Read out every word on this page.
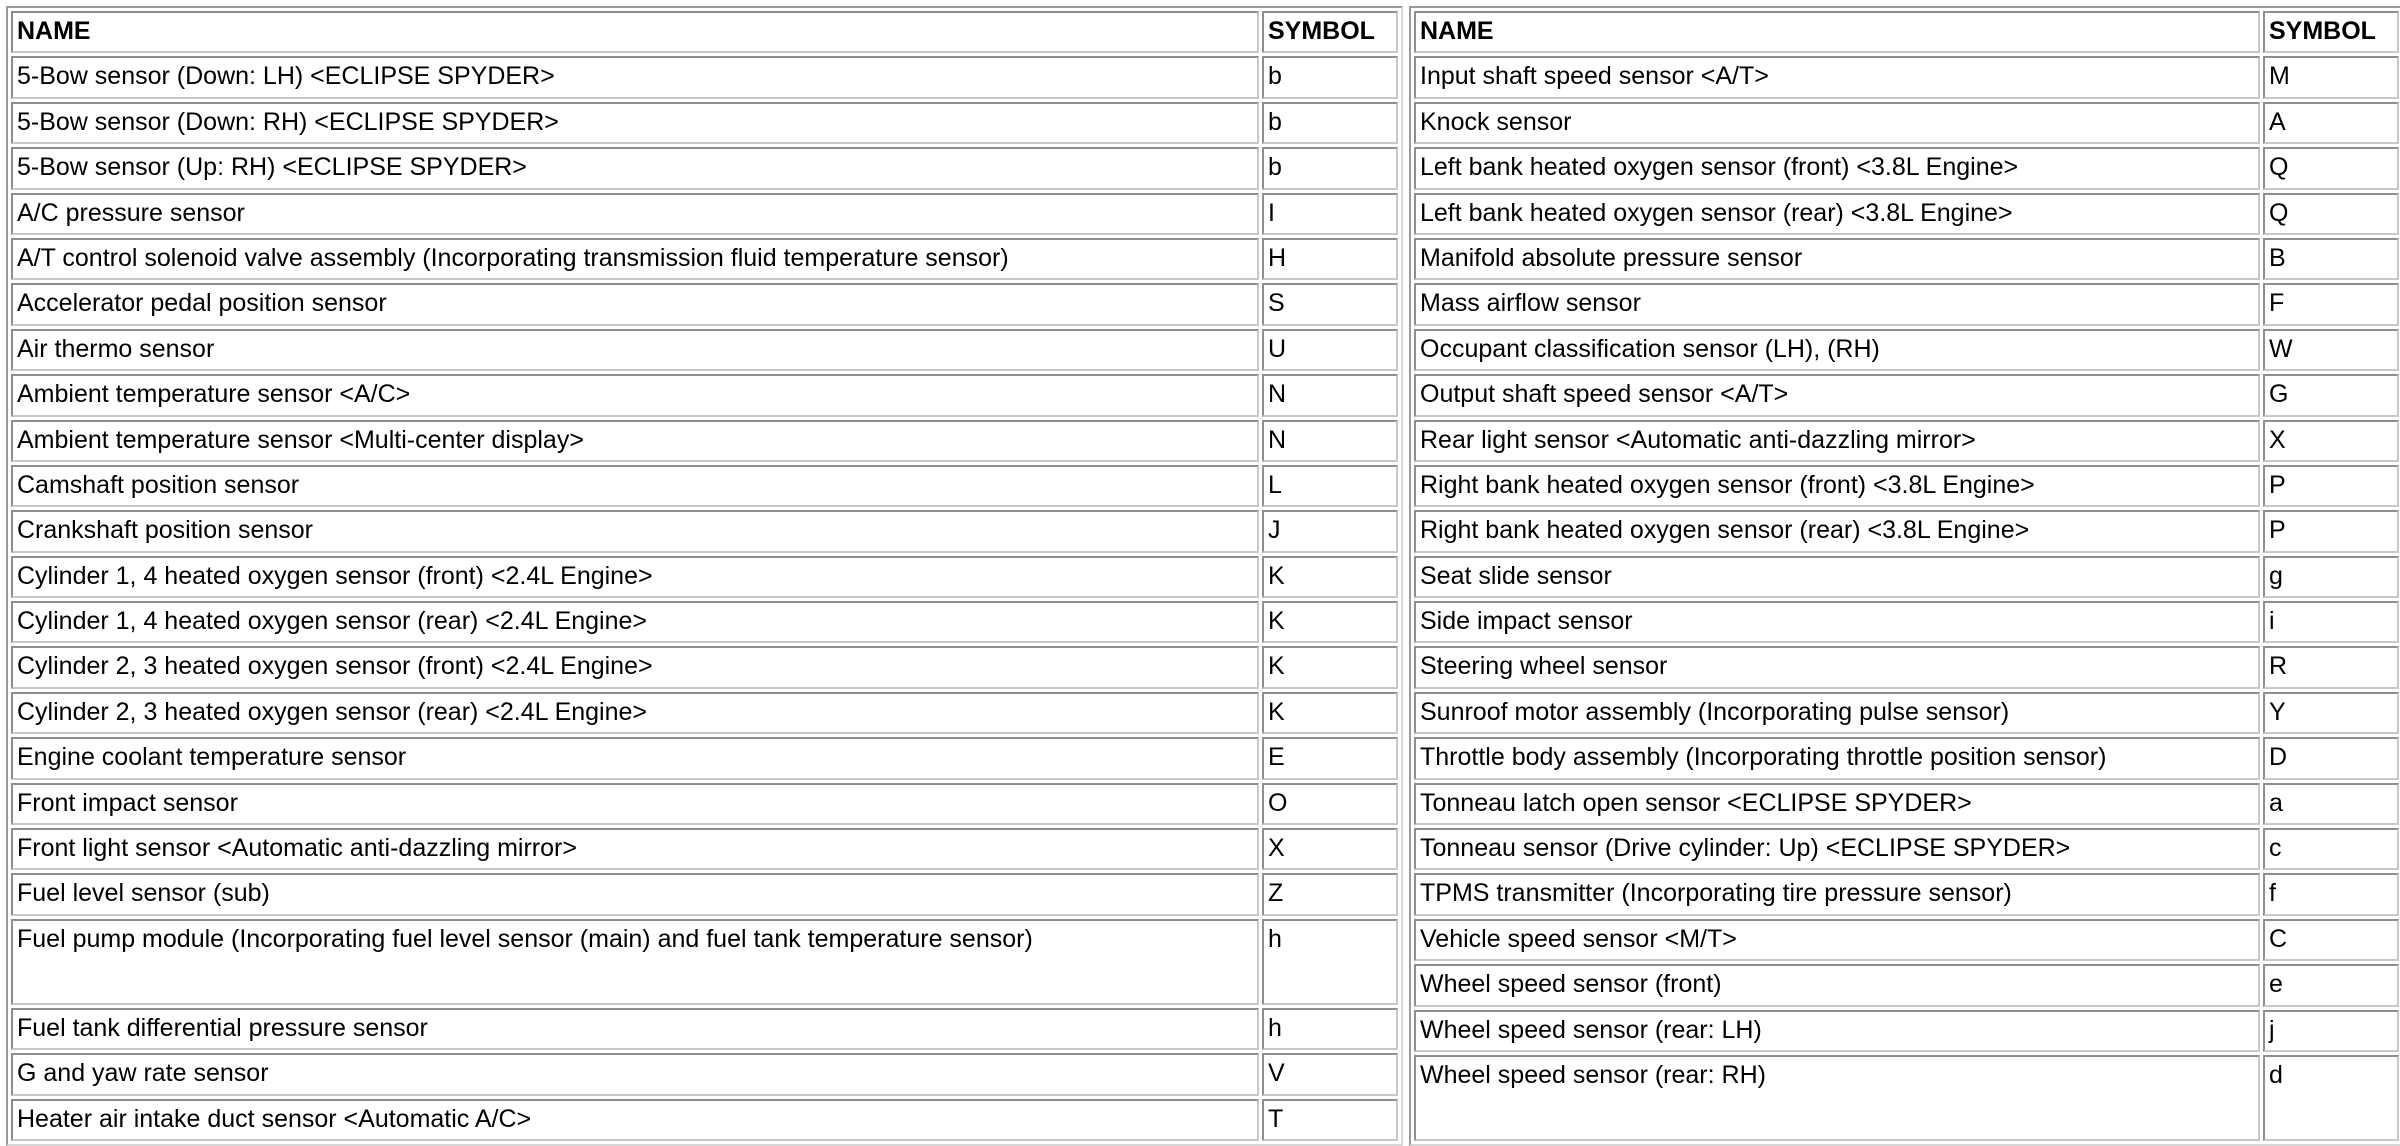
NAME	SYMBOL
5-Bow sensor (Down: LH) <ECLIPSE SPYDER>	b
5-Bow sensor (Down: RH) <ECLIPSE SPYDER>	b
5-Bow sensor (Up: RH) <ECLIPSE SPYDER>	b
A/C pressure sensor	I
A/T control solenoid valve assembly (Incorporating transmission fluid temperature sensor)	H
Accelerator pedal position sensor	S
Air thermo sensor	U
Ambient temperature sensor <A/C>	N
Ambient temperature sensor <Multi-center display>	N
Camshaft position sensor	L
Crankshaft position sensor	J
Cylinder 1, 4 heated oxygen sensor (front) <2.4L Engine>	K
Cylinder 1, 4 heated oxygen sensor (rear) <2.4L Engine>	K
Cylinder 2, 3 heated oxygen sensor (front) <2.4L Engine>	K
Cylinder 2, 3 heated oxygen sensor (rear) <2.4L Engine>	K
Engine coolant temperature sensor	E
Front impact sensor	O
Front light sensor <Automatic anti-dazzling mirror>	X
Fuel level sensor (sub)	Z
Fuel pump module (Incorporating fuel level sensor (main) and fuel tank temperature sensor)	h
Fuel tank differential pressure sensor	h
G and yaw rate sensor	V
Heater air intake duct sensor <Automatic A/C>	T
NAME	SYMBOL
Input shaft speed sensor <A/T>	M
Knock sensor	A
Left bank heated oxygen sensor (front) <3.8L Engine>	Q
Left bank heated oxygen sensor (rear) <3.8L Engine>	Q
Manifold absolute pressure sensor	B
Mass airflow sensor	F
Occupant classification sensor (LH), (RH)	W
Output shaft speed sensor <A/T>	G
Rear light sensor <Automatic anti-dazzling mirror>	X
Right bank heated oxygen sensor (front) <3.8L Engine>	P
Right bank heated oxygen sensor (rear) <3.8L Engine>	P
Seat slide sensor	g
Side impact sensor	i
Steering wheel sensor	R
Sunroof motor assembly (Incorporating pulse sensor)	Y
Throttle body assembly (Incorporating throttle position sensor)	D
Tonneau latch open sensor <ECLIPSE SPYDER>	a
Tonneau sensor (Drive cylinder: Up) <ECLIPSE SPYDER>	c
TPMS transmitter (Incorporating tire pressure sensor)	f
Vehicle speed sensor <M/T>	C
Wheel speed sensor (front)	e
Wheel speed sensor (rear: LH)	j
Wheel speed sensor (rear: RH)	d
